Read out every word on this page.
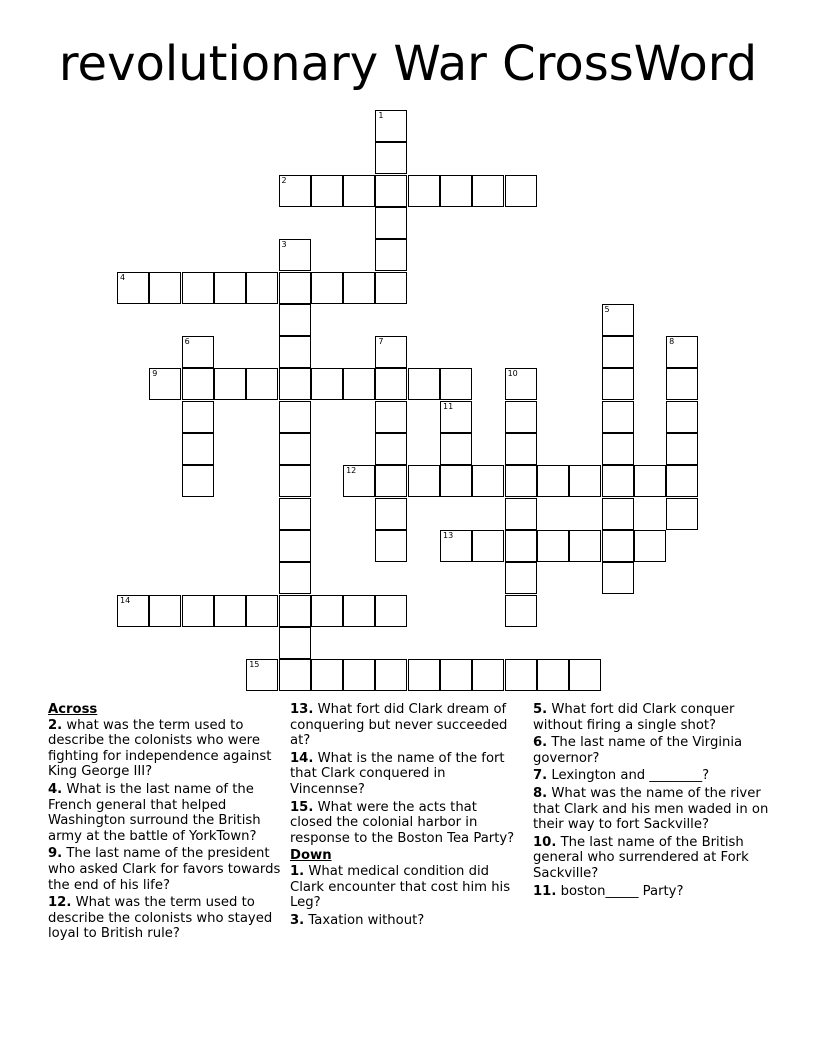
revolutionary War CrossWord
1
2
3
4
5
6	7	8
9	10
11
12
13
14
15
Across
2. what was the term used to describe the colonists who were fighting for independence against King George III?
4. What is the last name of the French general that helped Washington surround the British army at the battle of YorkTown?
9. The last name of the president who asked Clark for favors towards the end of his life?
12. What was the term used to describe the colonists who stayed loyal to British rule?
13. What fort did Clark dream of conquering but never succeeded at?
14. What is the name of the fort that Clark conquered in Vincennse?
15. What were the acts that closed the colonial harbor in response to the Boston Tea Party?
Down
1. What medical condition did Clark encounter that cost him his Leg?
3. Taxation without?
5. What fort did Clark conquer without firing a single shot?
6. The last name of the Virginia governor?
7. Lexington and ________?
8. What was the name of the river that Clark and his men waded in on their way to fort Sackville?
10. The last name of the British general who surrendered at Fork Sackville?
11. boston_____ Party?
